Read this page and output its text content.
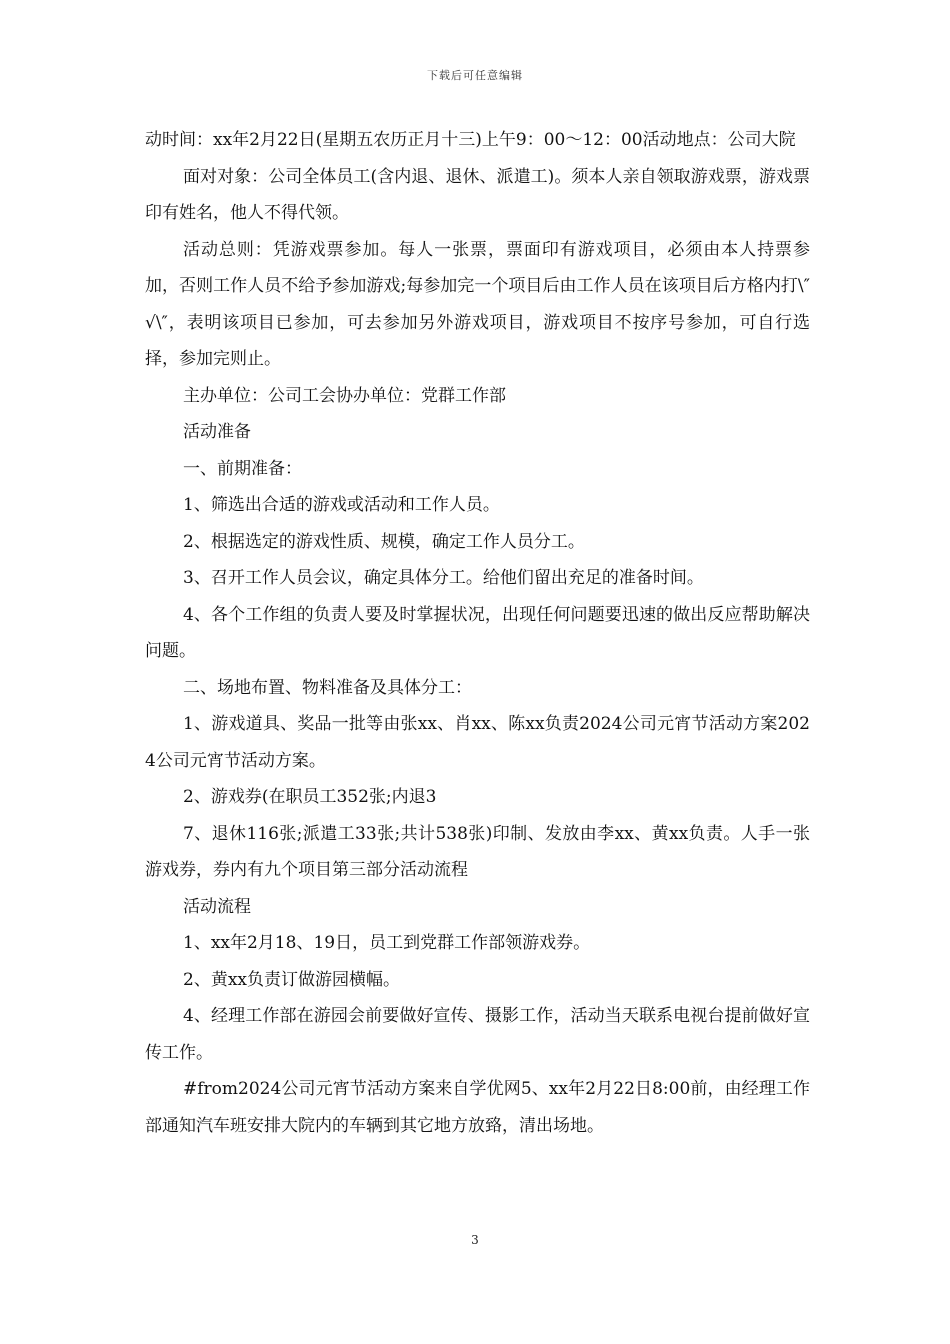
下载后可任意编辑

动时间：xx年2月22日(星期五农历正月十三)上午9：00～12：00活动地点：公司大院

面对对象：公司全体员工(含内退、退休、派遣工)。须本人亲自领取游戏票，游戏票印有姓名，他人不得代领。

活动总则：凭游戏票参加。每人一张票，票面印有游戏项目，必须由本人持票参加，否则工作人员不给予参加游戏;每参加完一个项目后由工作人员在该项目后方格内打\″√\″，表明该项目已参加，可去参加另外游戏项目，游戏项目不按序号参加，可自行选择，参加完则止。

主办单位：公司工会协办单位：党群工作部

活动准备

一、前期准备：

1、筛选出合适的游戏或活动和工作人员。

2、根据选定的游戏性质、规模，确定工作人员分工。

3、召开工作人员会议，确定具体分工。给他们留出充足的准备时间。

4、各个工作组的负责人要及时掌握状况，出现任何问题要迅速的做出反应帮助解决问题。

二、场地布置、物料准备及具体分工：

1、游戏道具、奖品一批等由张xx、肖xx、陈xx负责2024公司元宵节活动方案2024公司元宵节活动方案。

2、游戏券(在职员工352张;内退3

7、退休116张;派遣工33张;共计538张)印制、发放由李xx、黄xx负责。人手一张游戏券，券内有九个项目第三部分活动流程

活动流程

1、xx年2月18、19日，员工到党群工作部领游戏券。

2、黄xx负责订做游园横幅。

4、经理工作部在游园会前要做好宣传、摄影工作，活动当天联系电视台提前做好宣传工作。

#from2024公司元宵节活动方案来自学优网5、xx年2月22日8:00前，由经理工作部通知汽车班安排大院内的车辆到其它地方放臵，清出场地。

3
